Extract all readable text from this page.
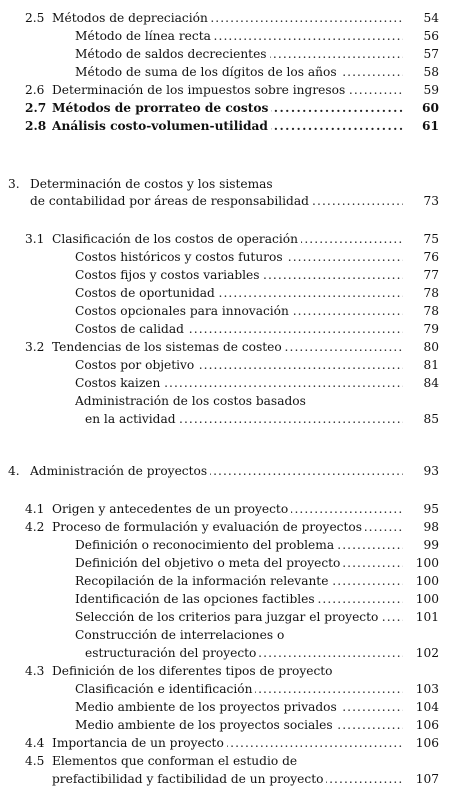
2.5 Métodos de depreciación . . .	54
Método de línea recta . . .	56
Método de saldos decrecientes . . .	57
Método de suma de los dígitos de los años . . .	58
2.6 Determinación de los impuestos sobre ingresos . . .	59
2.7 Métodos de prorrateo de costos . . .	60
2.8 Análisis costo-volumen-utilidad . . .	61
3. Determinación de costos y los sistemas
de contabilidad por áreas de responsabilidad . . .	73
3.1 Clasificación de los costos de operación . . .	75
Costos históricos y costos futuros . . .	76
Costos fijos y costos variables . . .	77
Costos de oportunidad . . .	78
Costos opcionales para innovación . . .	78
Costos de calidad . . .	79
3.2 Tendencias de los sistemas de costeo . . .	80
Costos por objetivo . . .	81
Costos kaizen . . .	84
Administración de los costos basados
en la actividad . . .	85
4. Administración de proyectos . . .	93
4.1 Origen y antecedentes de un proyecto . . .	95
4.2 Proceso de formulación y evaluación de proyectos . . .	98
Definición o reconocimiento del problema . . .	99
Definición del objetivo o meta del proyecto . . .	100
Recopilación de la información relevante . . .	100
Identificación de las opciones factibles . . .	100
Selección de los criterios para juzgar el proyecto . . .	101
Construcción de interrelaciones o
estructuración del proyecto . . .	102
4.3 Definición de los diferentes tipos de proyecto
Clasificación e identificación . . .	103
Medio ambiente de los proyectos privados . . .	104
Medio ambiente de los proyectos sociales . . .	106
4.4 Importancia de un proyecto . . .	106
4.5 Elementos que conforman el estudio de
prefactibilidad y factibilidad de un proyecto . . .	107
